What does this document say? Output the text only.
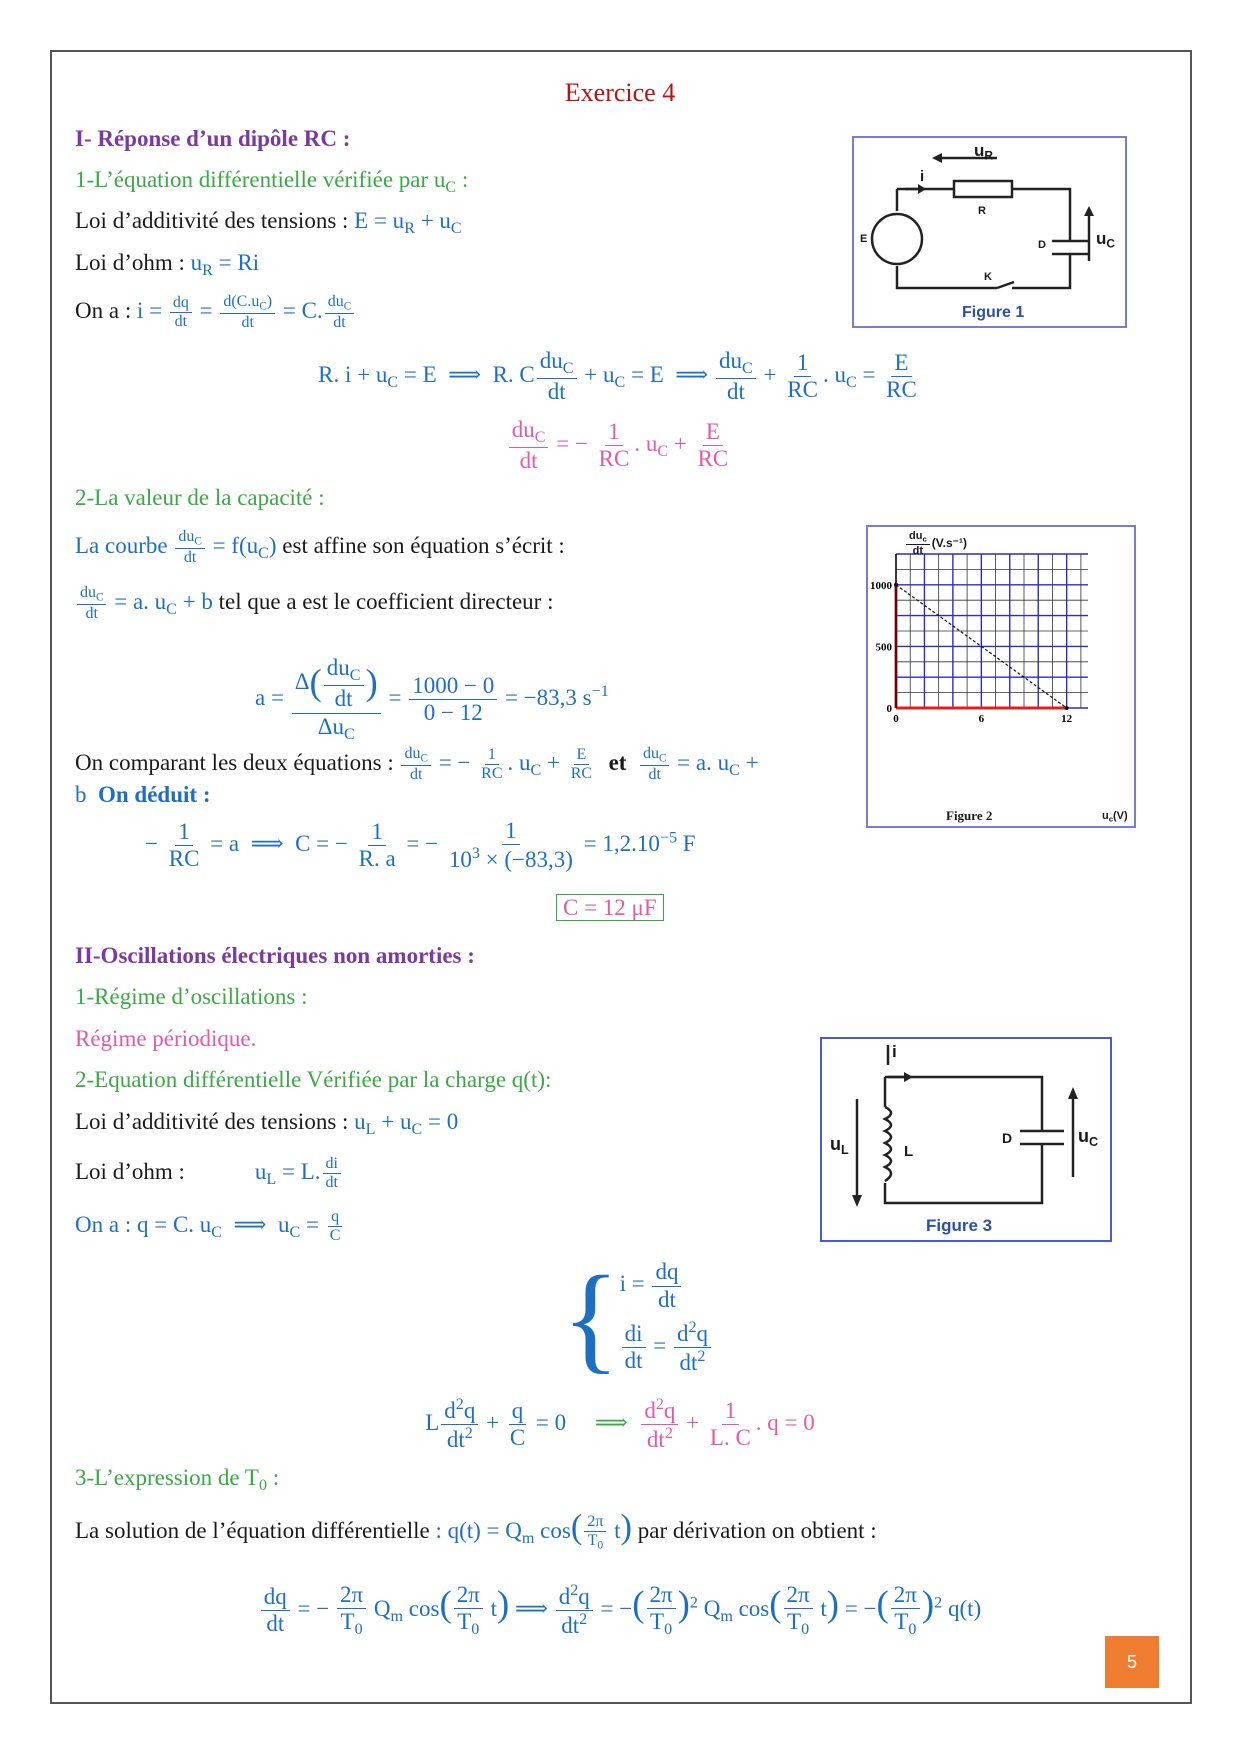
Exercice 4
I- Réponse d’un dipôle RC :
1-L’équation différentielle vérifiée par $u_C$ :
Loi d’additivité des tensions : $E = u_R + u_C$
Loi d’ohm : $u_R = Ri$
On a : $i = \frac{dq}{dt} = \frac{d(C.u_C)}{dt} = C$. $du_C$
dt
R. $i + u_C = E$  ⟹  R. C
$du_C$
dt
+ $u_C = E$  ⟹
$du_C$
dt
+ $\frac{1}{RC}$ . $u_C = \frac{E}{RC}$
$du_C$
dt
= − $\frac{1}{RC}$ . $u_C + \frac{E}{RC}$
2-La valeur de la capacité :
La courbe $du_C$
dt = $f(u_C)$ est affine son équation s’écrit :
$du_C$
dt = a. $u_C + b$ tel que a est le coefficient directeur :
a =
Δ( $du_C$
dt )
$\Delta u_C$
= $\frac{1000 - 0}{0 - 12} = -83,3$ $s^{-1}$
On comparant les deux équations : $du_C$
dt = − $\frac{1}{RC}$ . $u_C + \frac{E}{RC}$ et $du_C$
dt = a. $u_C$ +
b On déduit :
− $\frac{1}{RC} = a$  ⟹  C = − $\frac{1}{R. a}$ = − $\frac{1}{10^3 \times (-83,3)} = 1,2.10^{-5}$ F
C = 12 μF
II-Oscillations électriques non amorties :
1-Régime d’oscillations :
Régime périodique.
2-Equation différentielle Vérifiée par la charge q(t):
Loi d’additivité des tensions : $u_L + u_C = 0$
Loi d’ohm :	$u_L = L$. $\frac{di}{dt}$
On a : q = C. $u_C$  ⟹  $u_C = \frac{q}{C}$
{ $i = \frac{dq}{dt}$
$\frac{di}{dt} = \frac{d^2q}{dt^2}$
L $\frac{d^2q}{dt^2} + \frac{q}{C} = 0$ ⟹ $\frac{d^2q}{dt^2} + \frac{1}{L. C}$ . q = 0
3-L’expression de $T_0$ :
La solution de l’équation différentielle : $q(t) = Q_m$ $\cos( \frac{2\pi}{T_0} t)$ par dérivation on obtient :
$\frac{dq}{dt}$ = − $\frac{2\pi}{T_0} Q_m$ $\cos( \frac{2\pi}{T_0} t)$ ⟹ $\frac{d^2q}{dt^2}$ = −( $\frac{2\pi}{T_0} )^2$ $Q_m$ $\cos( \frac{2\pi}{T_0} t)$ = −( $\frac{2\pi}{T_0} )^2$ q(t)
$u_R$
i
R
E	D
K
$u_C$
Figure 1
1000
500
0
0	6	12
$du_c$
dt
(V.s⁻¹)
$u_c(V)$
Figure 2
i
$u_L$	L
D	$u_C$
Figure 3
5
